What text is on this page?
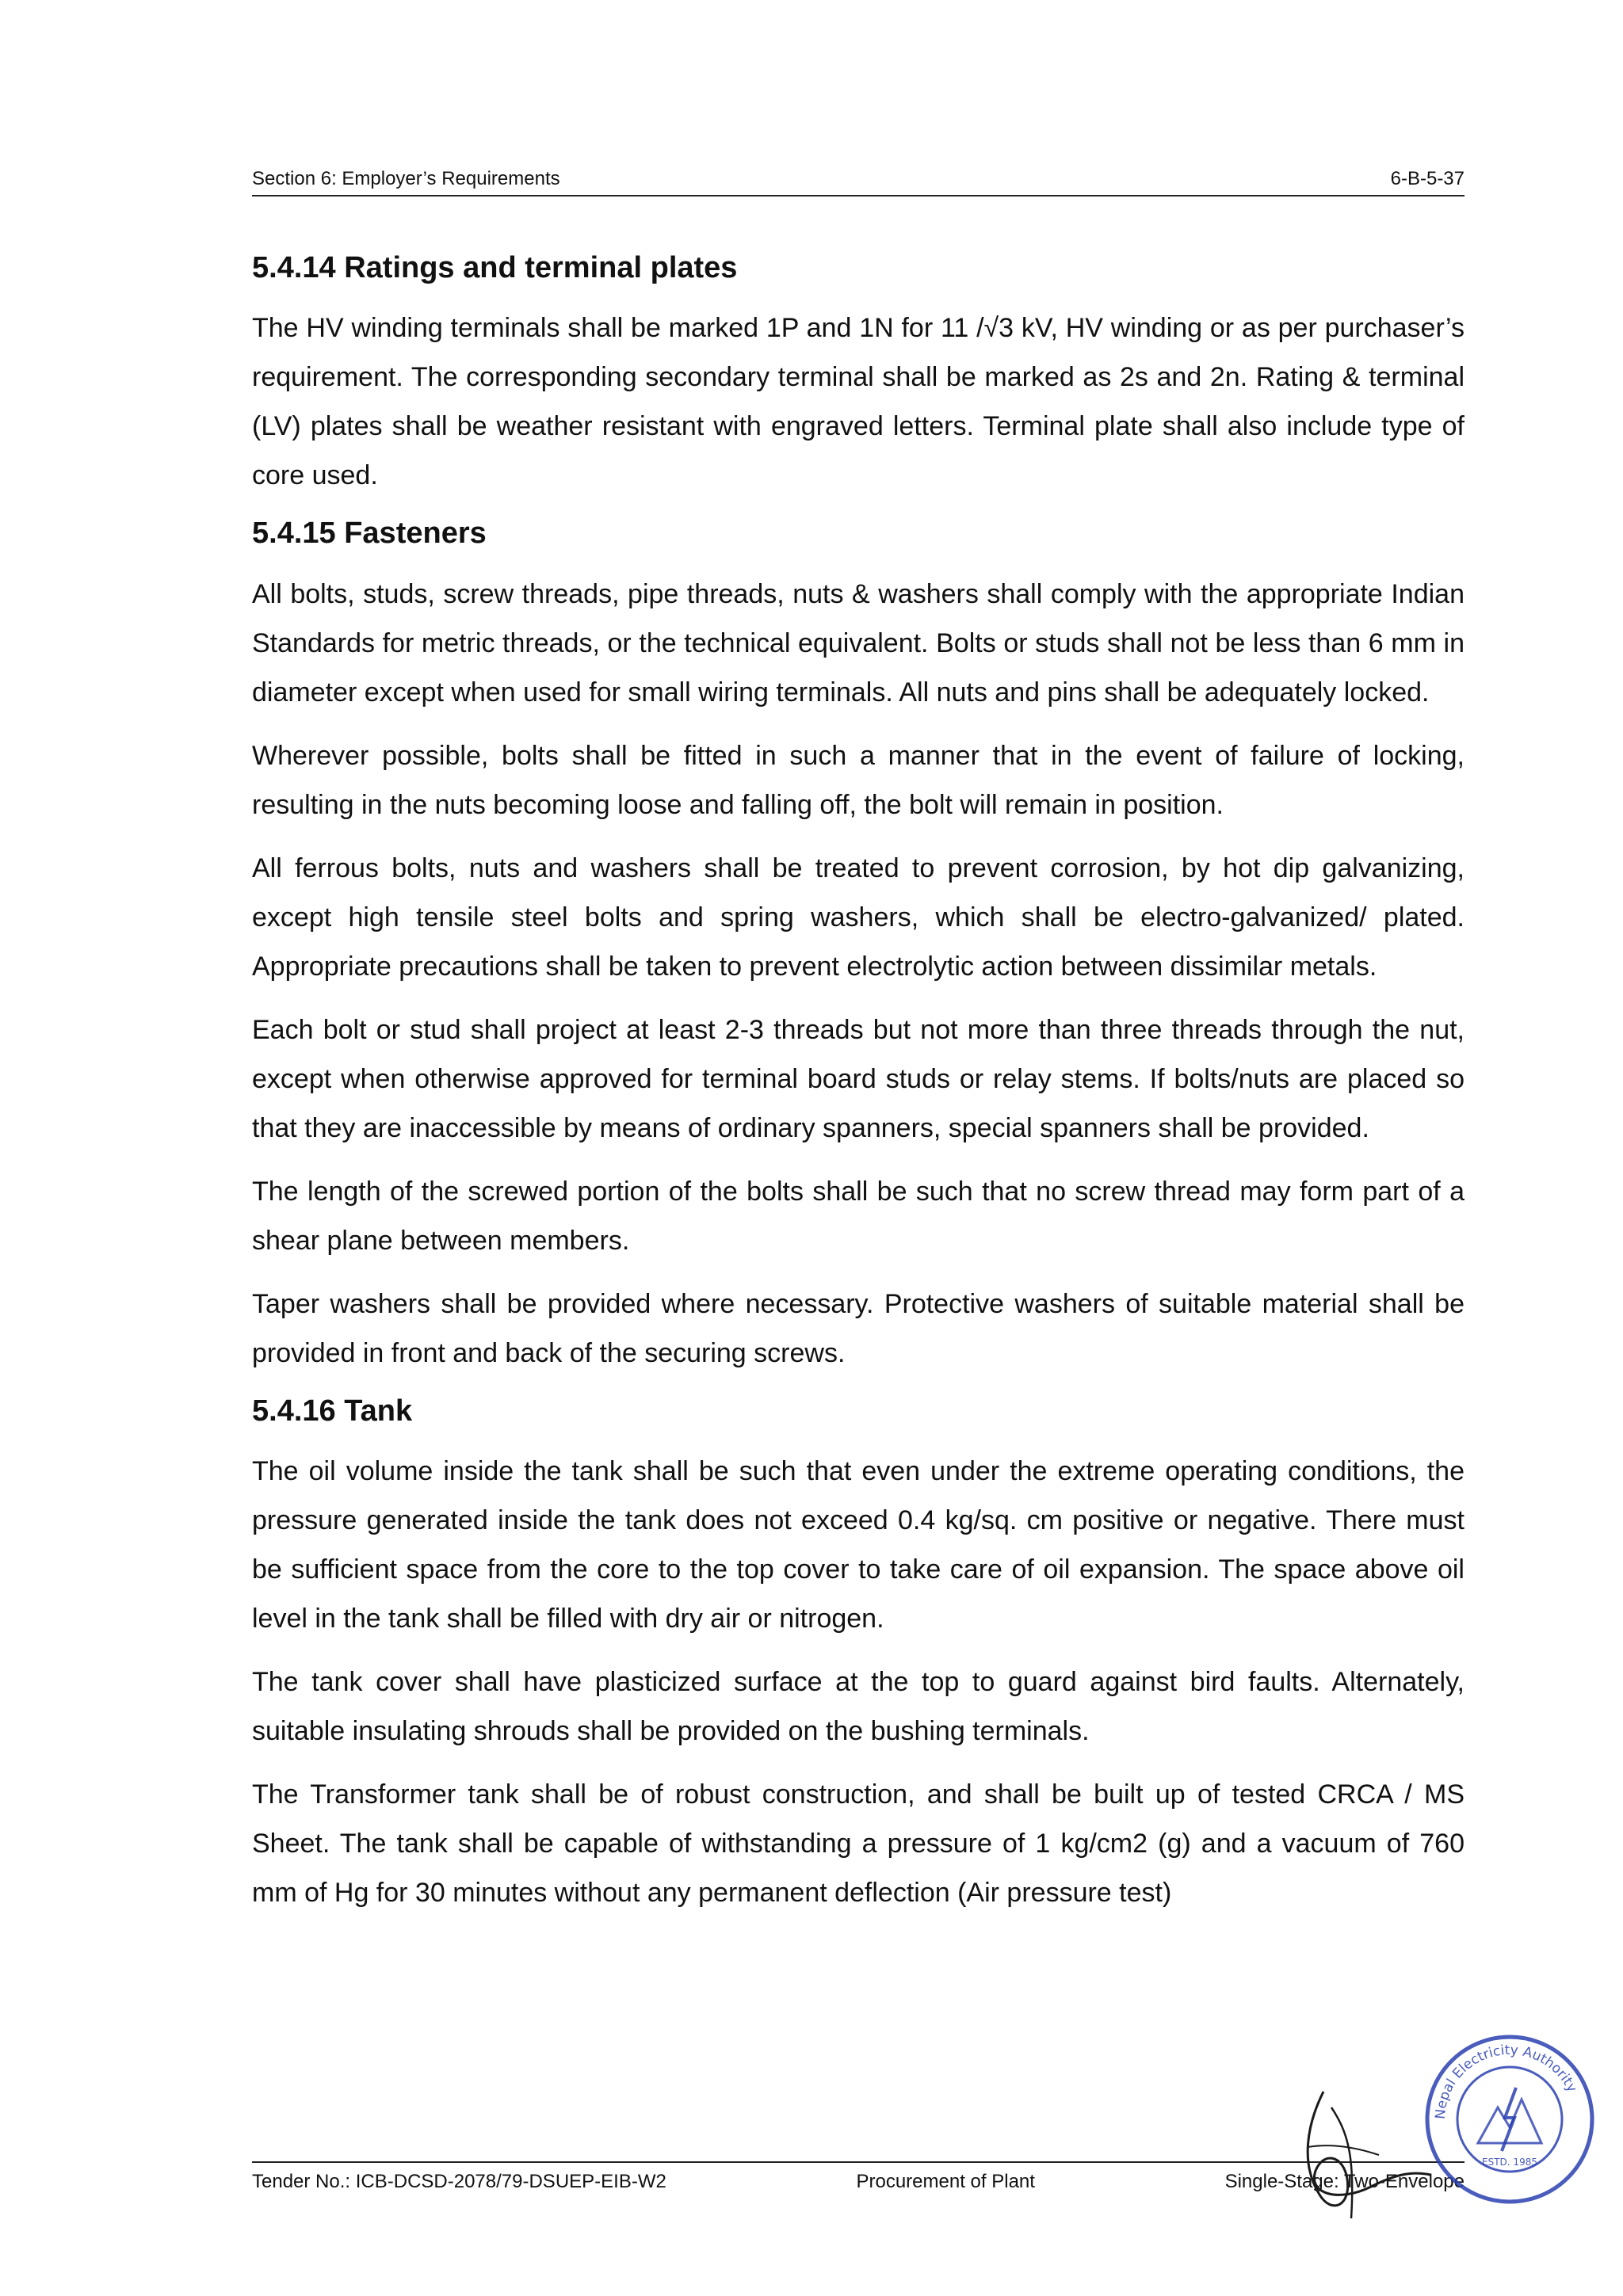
Section 6: Employer’s Requirements	6-B-5-37
5.4.14 Ratings and terminal plates

The HV winding terminals shall be marked 1P and 1N for 11 /√3 kV, HV winding or as per purchaser’s requirement. The corresponding secondary terminal shall be marked as 2s and 2n. Rating & terminal (LV) plates shall be weather resistant with engraved letters. Terminal plate shall also include type of core used.

5.4.15 Fasteners

All bolts, studs, screw threads, pipe threads, nuts & washers shall comply with the appropriate Indian Standards for metric threads, or the technical equivalent. Bolts or studs shall not be less than 6 mm in diameter except when used for small wiring terminals. All nuts and pins shall be adequately locked.

Wherever possible, bolts shall be fitted in such a manner that in the event of failure of locking, resulting in the nuts becoming loose and falling off, the bolt will remain in position.

All ferrous bolts, nuts and washers shall be treated to prevent corrosion, by hot dip galvanizing, except high tensile steel bolts and spring washers, which shall be electro-galvanized/ plated. Appropriate precautions shall be taken to prevent electrolytic action between dissimilar metals.

Each bolt or stud shall project at least 2-3 threads but not more than three threads through the nut, except when otherwise approved for terminal board studs or relay stems. If bolts/nuts are placed so that they are inaccessible by means of ordinary spanners, special spanners shall be provided.

The length of the screwed portion of the bolts shall be such that no screw thread may form part of a shear plane between members.

Taper washers shall be provided where necessary. Protective washers of suitable material shall be provided in front and back of the securing screws.

5.4.16 Tank

The oil volume inside the tank shall be such that even under the extreme operating conditions, the pressure generated inside the tank does not exceed 0.4 kg/sq. cm positive or negative. There must be sufficient space from the core to the top cover to take care of oil expansion. The space above oil level in the tank shall be filled with dry air or nitrogen.

The tank cover shall have plasticized surface at the top to guard against bird faults. Alternately, suitable insulating shrouds shall be provided on the bushing terminals.

The Transformer tank shall be of robust construction, and shall be built up of tested CRCA / MS Sheet. The tank shall be capable of withstanding a pressure of 1 kg/cm2 (g) and a vacuum of 760 mm of Hg for 30 minutes without any permanent deflection (Air pressure test)

Tender No.: ICB-DCSD-2078/79-DSUEP-EIB-W2	Procurement of Plant	Single-Stage: Two-Envelope
Nepal Electricity Authority
ESTD. 1985
